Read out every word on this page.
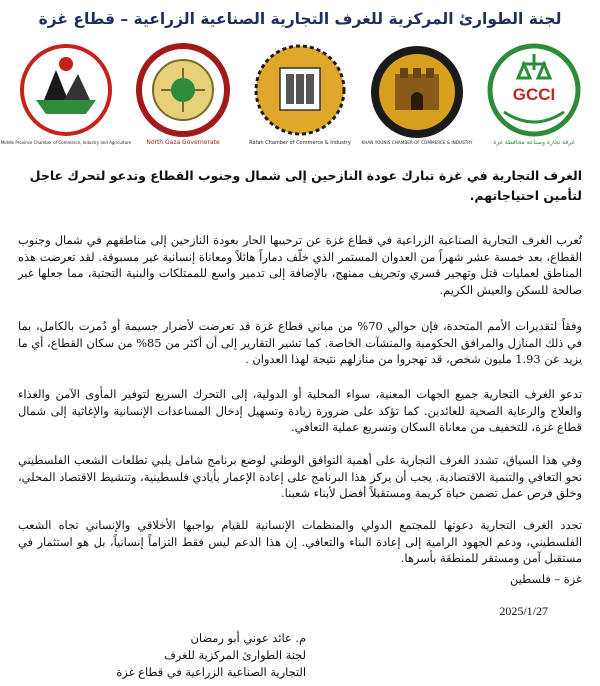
لجنة الطوارئ المركزية للغرف التجارية الصناعية الزراعية – قطاع غزة
GCCI
غرفة تجارة وصناعة محافظة غزة
KHAN YOUNIS CHAMBER OF COMMERCE & INDUSTRY
Rafah Chamber of Commerce & Industry
North Gaza Governorate
Middle Province Chamber of Commerce, Industry and Agriculture
الغرف التجارية في غزة تبارك عودة النازحين إلى شمال وجنوب القطاع وتدعو لتحرك عاجل لتأمين احتياجاتهم.
تُعرب الغرف التجارية الصناعية الزراعية في قطاع غزة عن ترحيبها الحار بعودة النازحين إلى مناطقهم في شمال وجنوب القطاع، بعد خمسة عشر شهراً من العدوان المستمر الذي خلّف دماراً هائلاً ومعاناة إنسانية غير مسبوقة. لقد تعرضت هذه المناطق لعمليات قتل وتهجير قسري وتجريف ممنهج، بالإضافة إلى تدمير واسع للممتلكات والبنية التحتية، مما جعلها غير صالحة للسكن والعيش الكريم.
وفقاً لتقديرات الأمم المتحدة، فإن حوالي 70% من مباني قطاع غزة قد تعرضت لأضرار جسيمة أو دُمرت بالكامل، بما في ذلك المنازل والمرافق الحكومية والمنشآت الخاصة. كما تشير التقارير إلى أن أكثر من 85% من سكان القطاع، أي ما يزيد عن 1.93 مليون شخص، قد تهجروا من منازلهم نتيجة لهذا العدوان .
تدعو الغرف التجارية جميع الجهات المعنية، سواء المحلية أو الدولية، إلى التحرك السريع لتوفير المأوى الآمن والغذاء والعلاج والرعاية الصحية للعائدين. كما تؤكد على ضرورة زيادة وتسهيل إدخال المساعدات الإنسانية والإغاثية إلى شمال قطاع غزة، للتخفيف من معاناة السكان وتسريع عملية التعافي.
وفي هذا السياق، تشدد الغرف التجارية على أهمية التوافق الوطني لوضع برنامج شامل يلبي تطلعات الشعب الفلسطيني نحو التعافي والتنمية الاقتصادية. يجب أن يركز هذا البرنامج على إعادة الإعمار بأيادي فلسطينية، وتنشيط الاقتصاد المحلي، وخلق فرص عمل تضمن حياة كريمة ومستقبلاً أفضل لأبناء شعبنا.
تجدد الغرف التجارية دعوتها للمجتمع الدولي والمنظمات الإنسانية للقيام بواجبها الأخلاقي والإنساني تجاه الشعب الفلسطيني، ودعم الجهود الرامية إلى إعادة البناء والتعافي. إن هذا الدعم ليس فقط التزاماً إنسانياً، بل هو استثمار في مستقبل آمن ومستقر للمنطقة بأسرها.
غزة – فلسطين
2025/1/27
م. عائد عوني أبو رمضان
لجنة الطوارئ المركزية للغرف
التجارية الصناعية الزراعية في قطاع غزة
